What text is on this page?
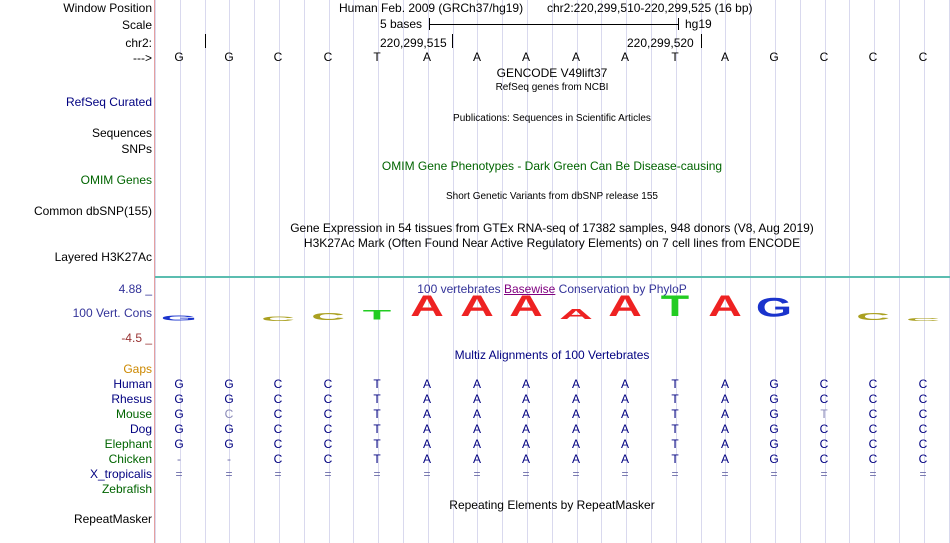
Window Position	Human Feb. 2009 (GRCh37/hg19) chr2:220,299,510-220,299,525 (16 bp)
Scale	5 bases	hg19
chr2:	220,299,515	220,299,520
---> G	G	C	C	T	A	A	A	A	A	T	A	G	C	C	C
GENCODE V49lift37
RefSeq genes from NCBI
RefSeq Curated
Publications: Sequences in Scientific Articles
Sequences
SNPs
OMIM Gene Phenotypes - Dark Green Can Be Disease-causing
OMIM Genes
Short Genetic Variants from dbSNP release 155
Common dbSNP(155)
Gene Expression in 54 tissues from GTEx RNA-seq of 17382 samples, 948 donors (V8, Aug 2019)
H3K27Ac Mark (Often Found Near Active Regulatory Elements) on 7 cell lines from ENCODE
Layered H3K27Ac
100 vertebrates Basewise Conservation by PhyloP
4.88 _
100 Vert. Cons
-4.5 _
G	C C T A A A A A T A G	C C
Multiz Alignments of 100 Vertebrates
Gaps
Human G	G	C	C	T	A	A	A	A	A	T	A	G	C	C	C
Rhesus G	G	C	C	T	A	A	A	A	A	T	A	G	C	C	C
Mouse G	C	C	C	T	A	A	A	A	A	T	A	G	T	C	C
Dog G	G	C	C	T	A	A	A	A	A	T	A	G	C	C	C
Elephant G	G	C	C	T	A	A	A	A	A	T	A	G	C	C	C
Chicken -	-	C	C	T	A	A	A	A	A	T	A	G	C	C	C
X_tropicalis =	=	=	=	=	=	=	=	=	=	=	=	=	=	=	=
Zebrafish
Repeating Elements by RepeatMasker
RepeatMasker
